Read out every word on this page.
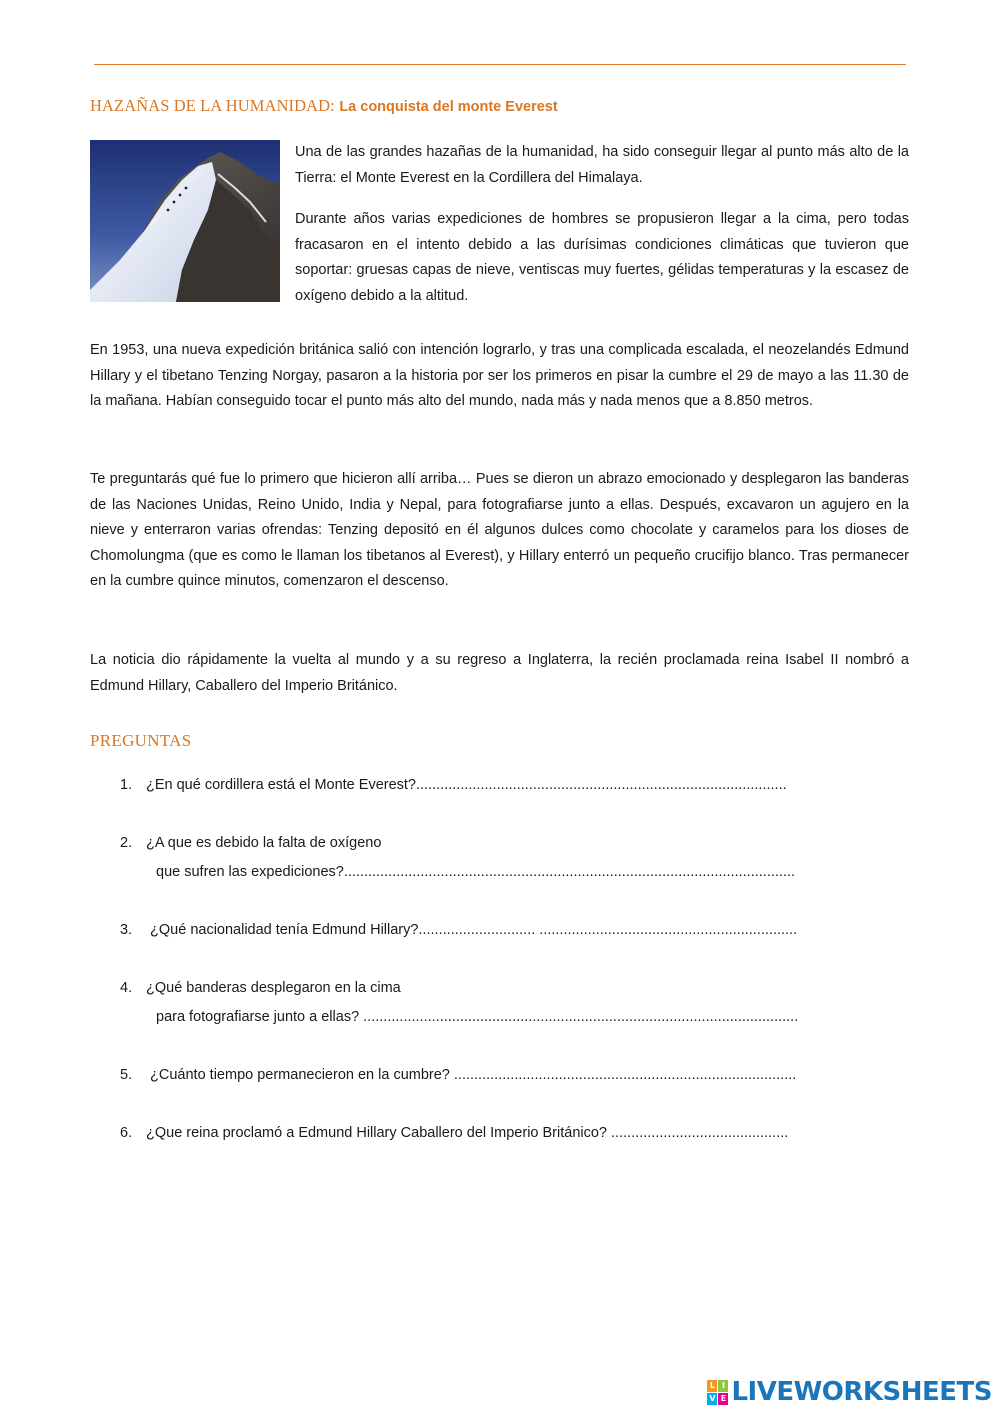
HAZAÑAS DE LA HUMANIDAD: La conquista del monte Everest
Una de las grandes hazañas de la humanidad, ha sido conseguir llegar al punto más alto de la Tierra: el Monte Everest en la Cordillera del Himalaya.
Durante años varias expediciones de hombres se propusieron llegar a la cima, pero todas fracasaron en el intento debido a las durísimas condiciones climáticas que tuvieron que soportar: gruesas capas de nieve, ventiscas muy fuertes, gélidas temperaturas y la escasez de oxígeno debido a la altitud.
En 1953, una nueva expedición británica salió con intención lograrlo, y tras una complicada escalada, el neozelandés Edmund Hillary y el tibetano Tenzing Norgay, pasaron a la historia por ser los primeros en pisar la cumbre el 29 de mayo a las 11.30 de la mañana. Habían conseguido tocar el punto más alto del mundo, nada más y nada menos que a 8.850 metros.
Te preguntarás qué fue lo primero que hicieron allí arriba… Pues se dieron un abrazo emocionado y desplegaron las banderas de las Naciones Unidas, Reino Unido, India y Nepal, para fotografiarse junto a ellas. Después, excavaron un agujero en la nieve y enterraron varias ofrendas: Tenzing depositó en él algunos dulces como chocolate y caramelos para los dioses de Chomolungma (que es como le llaman los tibetanos al Everest), y Hillary enterró un pequeño crucifijo blanco. Tras permanecer en la cumbre quince minutos, comenzaron el descenso.
La noticia dio rápidamente la vuelta al mundo y a su regreso a Inglaterra, la recién proclamada reina Isabel II nombró a Edmund Hillary, Caballero del Imperio Británico.
PREGUNTAS
1. ¿En qué cordillera está el Monte Everest?............................................................................................
2. ¿A que es debido la falta de oxígeno
que sufren las expediciones?................................................................................................................
3. ¿Qué nacionalidad tenía Edmund Hillary?............................. ................................................................
4. ¿Qué banderas desplegaron en la cima
para fotografiarse junto a ellas? ............................................................................................................
5. ¿Cuánto tiempo permanecieron en la cumbre? .....................................................................................
6. ¿Que reina proclamó a Edmund Hillary Caballero del Imperio Británico? ............................................
L I
V E LIVEWORKSHEETS
